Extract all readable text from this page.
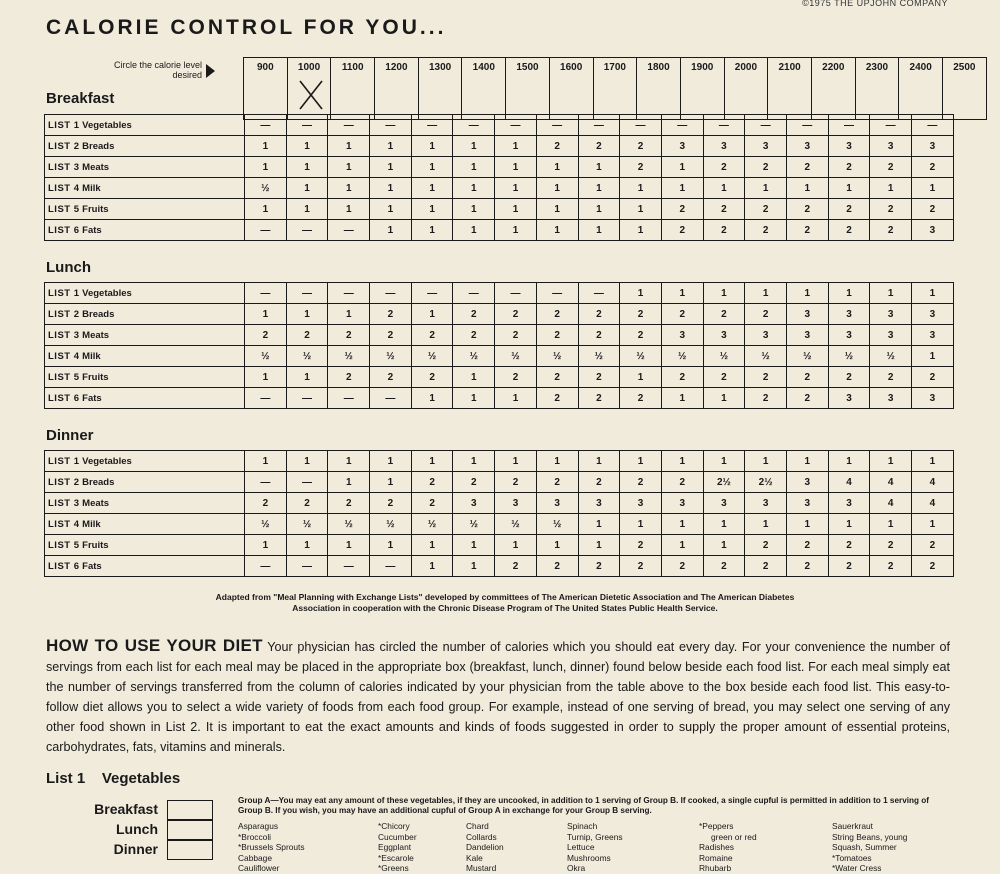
©1975 THE UPJOHN COMPANY
CALORIE CONTROL FOR YOU...
Circle the calorie level desired
900	1000	1100	1200	1300	1400	1500	1600	1700	1800	1900	2000	2100	2200	2300	2400	2500
Breakfast
LIST 1 Vegetables	—	—	—	—	—	—	—	—	—	—	—	—	—	—	—	—	—
LIST 2 Breads	1	1	1	1	1	1	1	2	2	2	3	3	3	3	3	3	3
LIST 3 Meats	1	1	1	1	1	1	1	1	1	2	1	2	2	2	2	2	2
LIST 4 Milk	½	1	1	1	1	1	1	1	1	1	1	1	1	1	1	1	1
LIST 5 Fruits	1	1	1	1	1	1	1	1	1	1	2	2	2	2	2	2	2
LIST 6 Fats	—	—	—	1	1	1	1	1	1	1	2	2	2	2	2	2	3
Lunch
LIST 1 Vegetables	—	—	—	—	—	—	—	—	—	1	1	1	1	1	1	1	1
LIST 2 Breads	1	1	1	2	1	2	2	2	2	2	2	2	2	3	3	3	3
LIST 3 Meats	2	2	2	2	2	2	2	2	2	2	3	3	3	3	3	3	3
LIST 4 Milk	½	½	½	½	½	½	½	½	½	½	½	½	½	½	½	½	1
LIST 5 Fruits	1	1	2	2	2	1	2	2	2	1	2	2	2	2	2	2	2
LIST 6 Fats	—	—	—	—	1	1	1	2	2	2	1	1	2	2	3	3	3
Dinner
LIST 1 Vegetables	1	1	1	1	1	1	1	1	1	1	1	1	1	1	1	1	1
LIST 2 Breads	—	—	1	1	2	2	2	2	2	2	2	2½	2½	3	4	4	4
LIST 3 Meats	2	2	2	2	2	3	3	3	3	3	3	3	3	3	3	4	4
LIST 4 Milk	½	½	½	½	½	½	½	½	1	1	1	1	1	1	1	1	1
LIST 5 Fruits	1	1	1	1	1	1	1	1	1	2	1	1	2	2	2	2	2
LIST 6 Fats	—	—	—	—	1	1	2	2	2	2	2	2	2	2	2	2	2
Adapted from "Meal Planning with Exchange Lists" developed by committees of The American Dietetic Association and The American Diabetes Association in cooperation with the Chronic Disease Program of The United States Public Health Service.
HOW TO USE YOUR DIET Your physician has circled the number of calories which you should eat every day. For your convenience the number of servings from each list for each meal may be placed in the appropriate box (breakfast, lunch, dinner) found below beside each food list. For each meal simply eat the number of servings transferred from the column of calories indicated by your physician from the table above to the box beside each food list. This easy-to-follow diet allows you to select a wide variety of foods from each food group. For example, instead of one serving of bread, you may select one serving of any other food shown in List 2. It is important to eat the exact amounts and kinds of foods suggested in order to supply the proper amount of essential proteins, carbohydrates, fats, vitamins and minerals.
List 1 Vegetables
Breakfast
Lunch
Dinner
Group A—You may eat any amount of these vegetables, if they are uncooked, in addition to 1 serving of Group B. If cooked, a single cupful is permitted in addition to 1 serving of Group B. If you wish, you may have an additional cupful of Group A in exchange for your Group B serving.
Asparagus
*Broccoli
*Brussels Sprouts
Cabbage
Cauliflower
*Chicory
Cucumber
Eggplant
*Escarole
*Greens
Chard
Collards
Dandelion
Kale
Mustard
Spinach
Turnip, Greens
Lettuce
Mushrooms
Okra
*Peppers
green or red
Radishes
Romaine
Rhubarb
Sauerkraut
String Beans, young
Squash, Summer
*Tomatoes
*Water Cress
